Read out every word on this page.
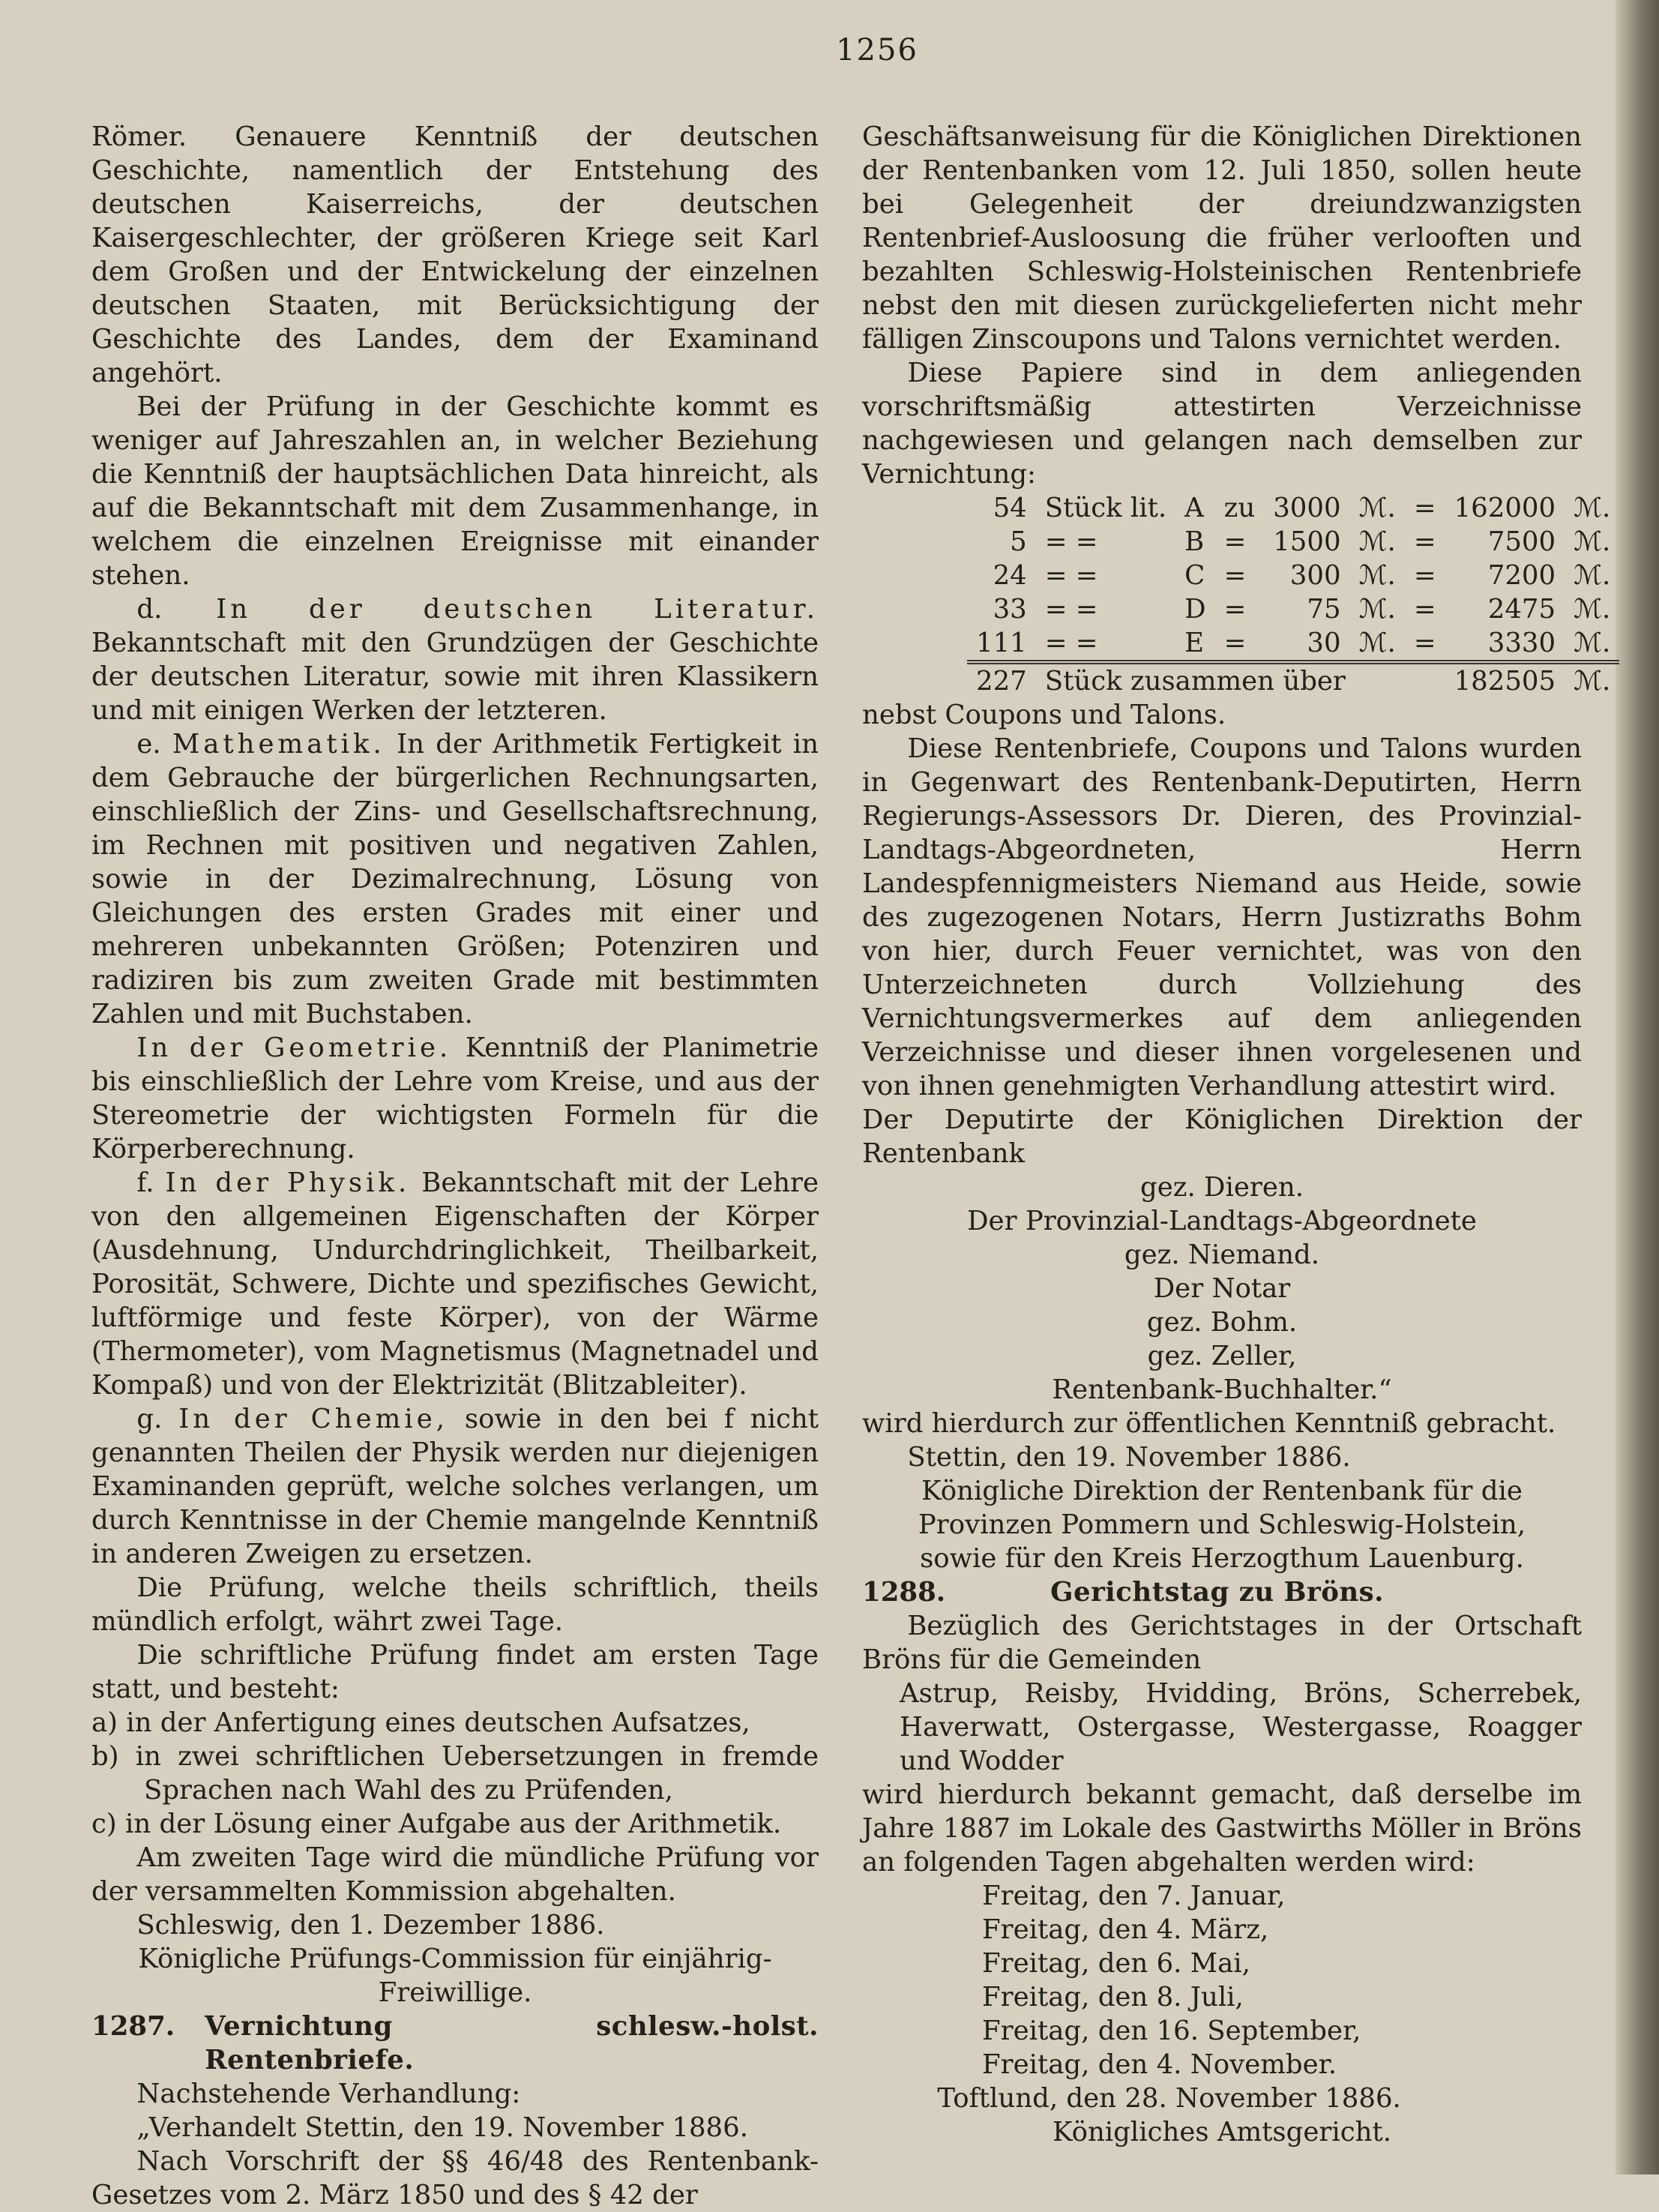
1256

Römer. Genauere Kenntniß der deutschen Geschichte, namentlich der Entstehung des deutschen Kaiserreichs, der deutschen Kaisergeschlechter, der größeren Kriege seit Karl dem Großen und der Entwickelung der einzelnen deutschen Staaten, mit Berücksichtigung der Geschichte des Landes, dem der Examinand angehört.

Bei der Prüfung in der Geschichte kommt es weniger auf Jahreszahlen an, in welcher Beziehung die Kenntniß der hauptsächlichen Data hinreicht, als auf die Bekanntschaft mit dem Zusammenhange, in welchem die einzelnen Ereignisse mit einander stehen.

d. In der deutschen Literatur. Bekanntschaft mit den Grundzügen der Geschichte der deutschen Literatur, sowie mit ihren Klassikern und mit einigen Werken der letzteren.

e. Mathematik. In der Arithmetik Fertigkeit in dem Gebrauche der bürgerlichen Rechnungsarten, einschließlich der Zins- und Gesellschaftsrechnung, im Rechnen mit positiven und negativen Zahlen, sowie in der Dezimalrechnung, Lösung von Gleichungen des ersten Grades mit einer und mehreren unbekannten Größen; Potenziren und radiziren bis zum zweiten Grade mit bestimmten Zahlen und mit Buchstaben.

In der Geometrie. Kenntniß der Planimetrie bis einschließlich der Lehre vom Kreise, und aus der Stereometrie der wichtigsten Formeln für die Körperberechnung.

f. In der Physik. Bekanntschaft mit der Lehre von den allgemeinen Eigenschaften der Körper (Ausdehnung, Undurchdringlichkeit, Theilbarkeit, Porosität, Schwere, Dichte und spezifisches Gewicht, luftförmige und feste Körper), von der Wärme (Thermometer), vom Magnetismus (Magnetnadel und Kompaß) und von der Elektrizität (Blitzableiter).

g. In der Chemie, sowie in den bei f nicht genannten Theilen der Physik werden nur diejenigen Examinanden geprüft, welche solches verlangen, um durch Kenntnisse in der Chemie mangelnde Kenntniß in anderen Zweigen zu ersetzen.

Die Prüfung, welche theils schriftlich, theils mündlich erfolgt, währt zwei Tage.

Die schriftliche Prüfung findet am ersten Tage statt, und besteht:

a) in der Anfertigung eines deutschen Aufsatzes,

b) in zwei schriftlichen Uebersetzungen in fremde Sprachen nach Wahl des zu Prüfenden,

c) in der Lösung einer Aufgabe aus der Arithmetik.

Am zweiten Tage wird die mündliche Prüfung vor der versammelten Kommission abgehalten.

Schleswig, den 1. Dezember 1886.

Königliche Prüfungs-Commission für einjährig-Freiwillige.

1287. Vernichtung schlesw.-holst. Rentenbriefe.

Nachstehende Verhandlung:

„Verhandelt Stettin, den 19. November 1886.

Nach Vorschrift der §§ 46/48 des Rentenbank-Gesetzes vom 2. März 1850 und des § 42 der

Geschäftsanweisung für die Königlichen Direktionen der Rentenbanken vom 12. Juli 1850, sollen heute bei Gelegenheit der dreiundzwanzigsten Rentenbrief-Ausloosung die früher verlooften und bezahlten Schleswig-Holsteinischen Rentenbriefe nebst den mit diesen zurückgelieferten nicht mehr fälligen Zinscoupons und Talons vernichtet werden.

Diese Papiere sind in dem anliegenden vorschriftsmäßig attestirten Verzeichnisse nachgewiesen und gelangen nach demselben zur Vernichtung:

54	Stück lit.	A	zu	3000	ℳ.	=	162000	ℳ.
5	= =	B	=	1500	ℳ.	=	7500	ℳ.
24	= =	C	=	300	ℳ.	=	7200	ℳ.
33	= =	D	=	75	ℳ.	=	2475	ℳ.
111	= =	E	=	30	ℳ.	=	3330	ℳ.
227	Stück zusammen über						182505	ℳ.

nebst Coupons und Talons.

Diese Rentenbriefe, Coupons und Talons wurden in Gegenwart des Rentenbank-Deputirten, Herrn Regierungs-Assessors Dr. Dieren, des Provinzial-Landtags-Abgeordneten, Herrn Landespfennigmeisters Niemand aus Heide, sowie des zugezogenen Notars, Herrn Justizraths Bohm von hier, durch Feuer vernichtet, was von den Unterzeichneten durch Vollziehung des Vernichtungsvermerkes auf dem anliegenden Verzeichnisse und dieser ihnen vorgelesenen und von ihnen genehmigten Verhandlung attestirt wird.

Der Deputirte der Königlichen Direktion der Rentenbank

gez. Dieren.

Der Provinzial-Landtags-Abgeordnete

gez. Niemand.

Der Notar

gez. Bohm.

gez. Zeller,

Rentenbank-Buchhalter.“

wird hierdurch zur öffentlichen Kenntniß gebracht.

Stettin, den 19. November 1886.

Königliche Direktion der Rentenbank für die Provinzen Pommern und Schleswig-Holstein, sowie für den Kreis Herzogthum Lauenburg.

1288.	Gerichtstag zu Bröns.

Bezüglich des Gerichtstages in der Ortschaft Bröns für die Gemeinden

Astrup, Reisby, Hvidding, Bröns, Scherrebek, Haverwatt, Ostergasse, Westergasse, Roagger und Wodder

wird hierdurch bekannt gemacht, daß derselbe im Jahre 1887 im Lokale des Gastwirths Möller in Bröns an folgenden Tagen abgehalten werden wird:

Freitag, den 7. Januar,

Freitag, den 4. März,

Freitag, den 6. Mai,

Freitag, den 8. Juli,

Freitag, den 16. September,

Freitag, den 4. November.

Toftlund, den 28. November 1886.

Königliches Amtsgericht.
